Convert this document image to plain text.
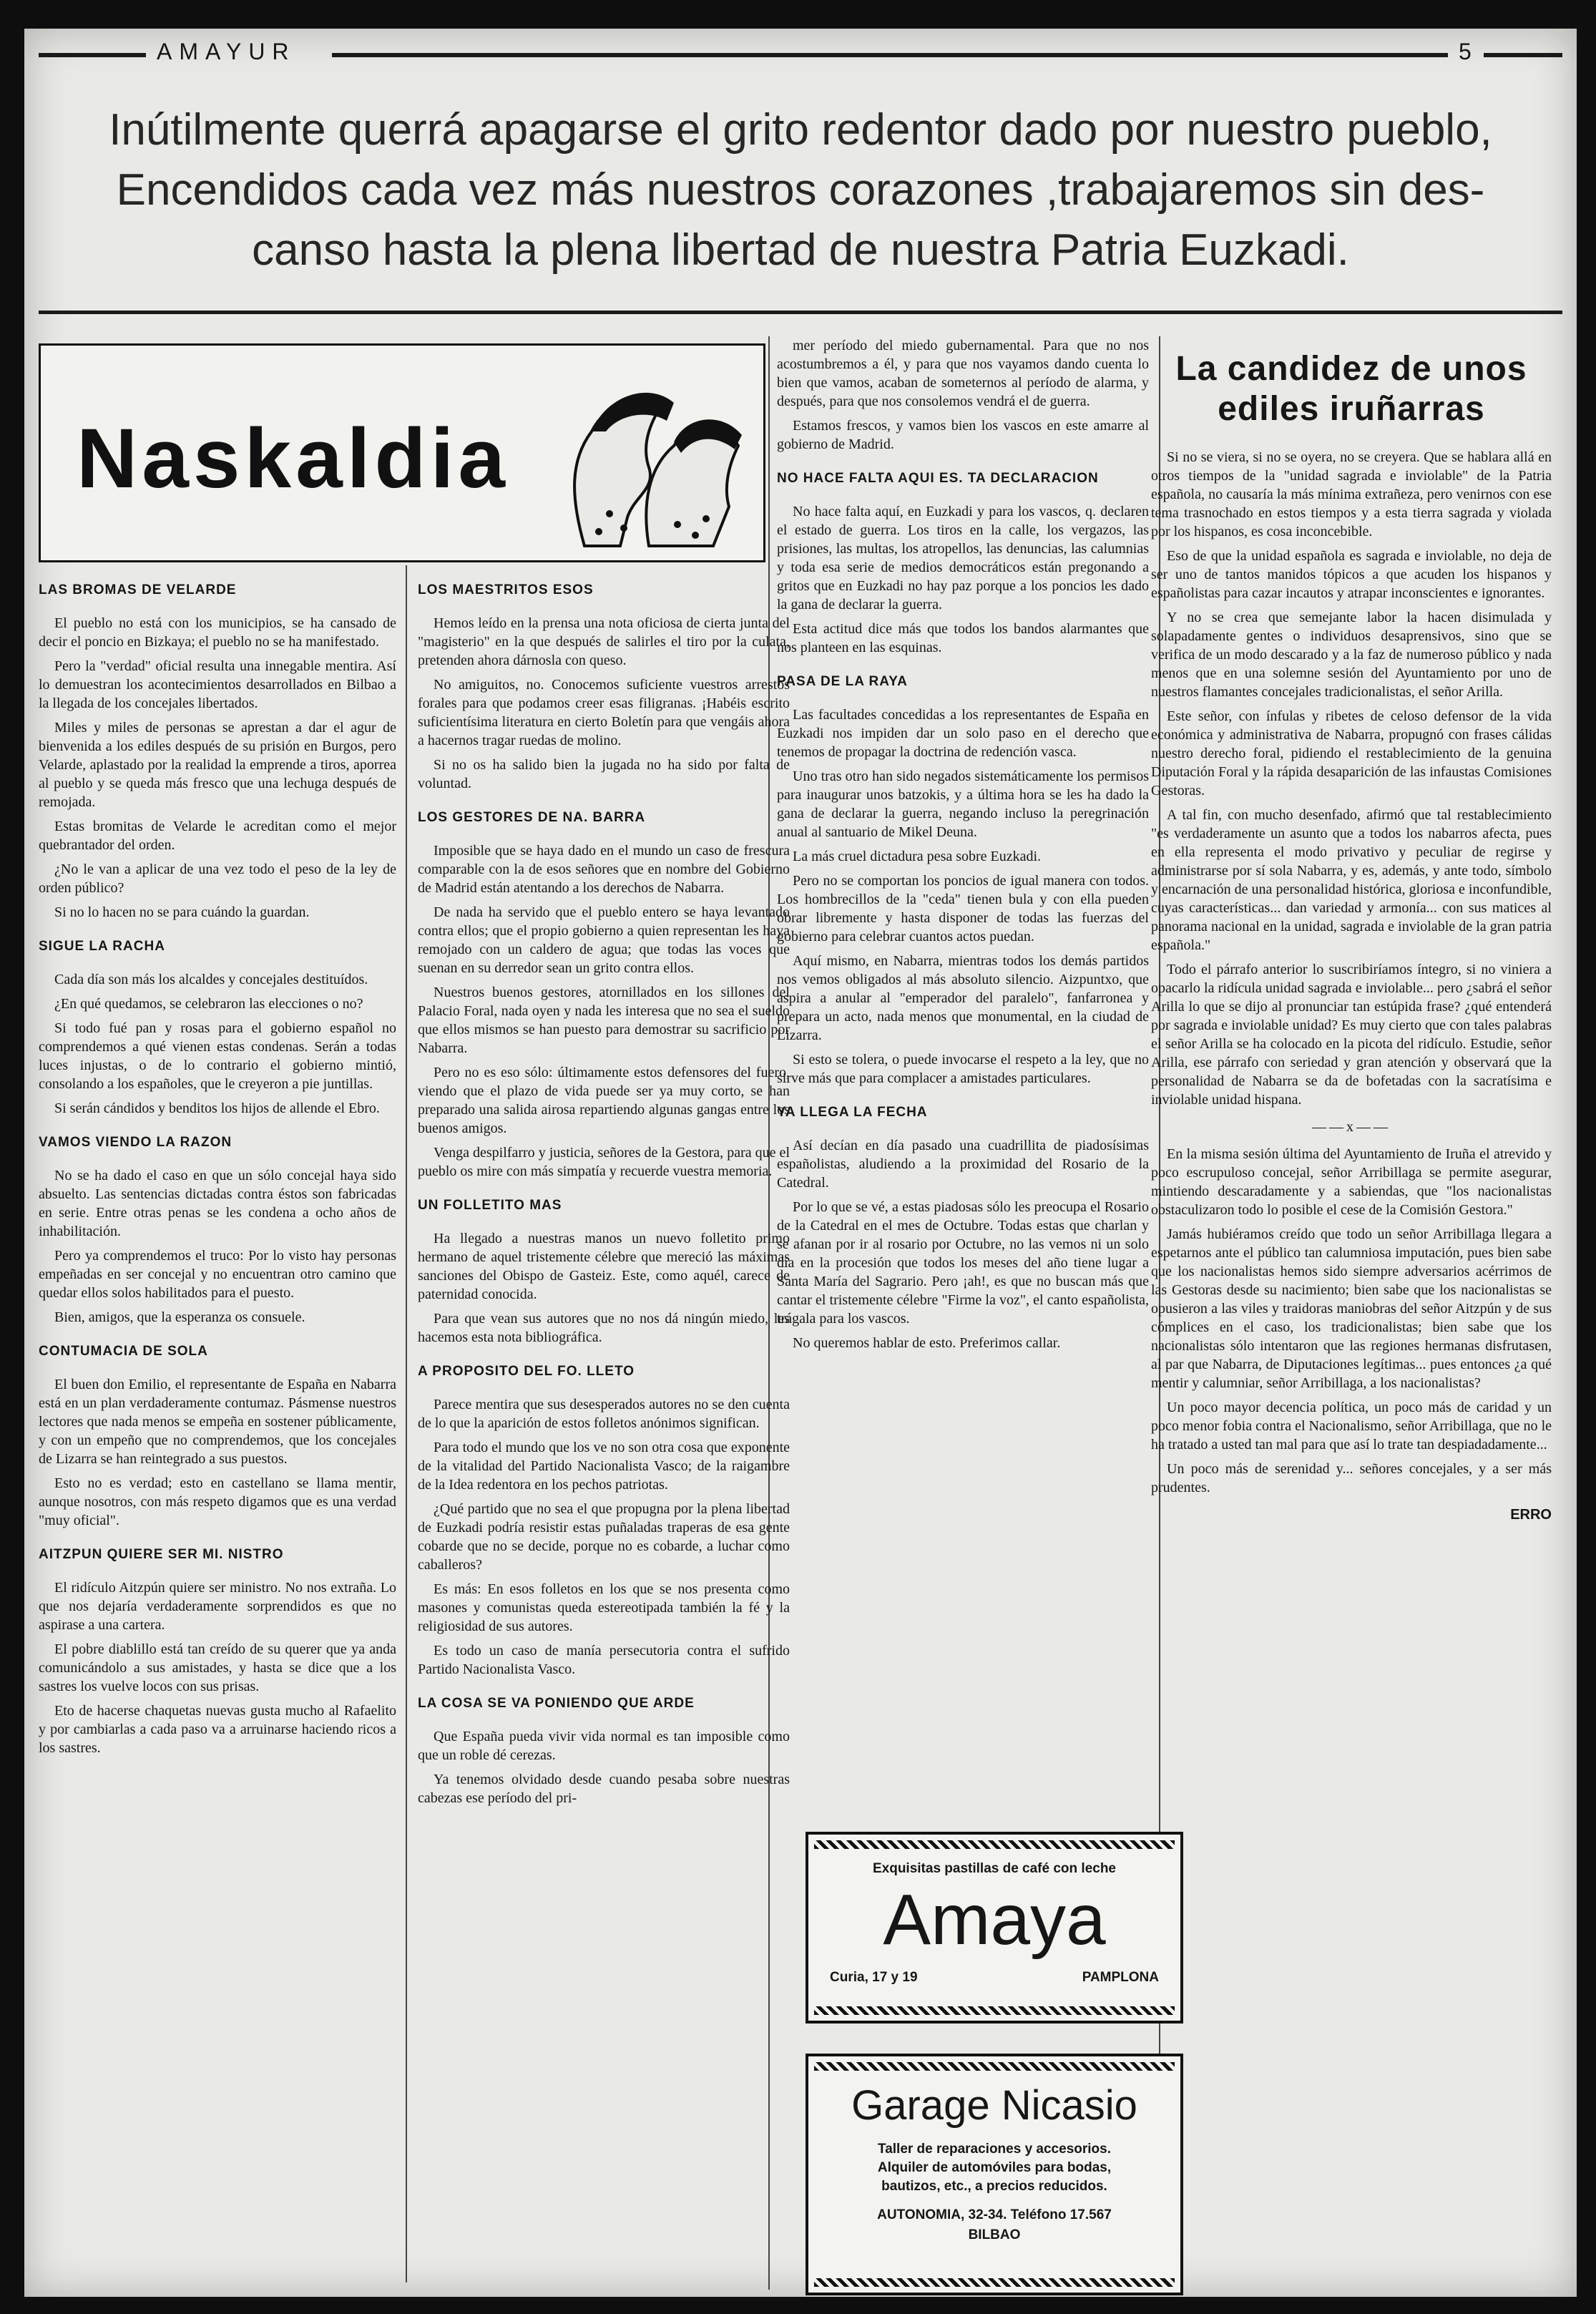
AMAYUR	5
Inútilmente querrá apagarse el grito redentor dado por nuestro pueblo,
Encendidos cada vez más nuestros corazones ,trabajaremos sin des-
canso hasta la plena libertad de nuestra Patria Euzkadi.
Naskaldia
LAS BROMAS DE VELARDE

El pueblo no está con los municipios, se ha cansado de decir el poncio en Bizkaya; el pueblo no se ha manifestado.

Pero la "verdad" oficial resulta una innegable mentira. Así lo demuestran los acontecimientos desarrollados en Bilbao a la llegada de los concejales libertados.

Miles y miles de personas se aprestan a dar el agur de bienvenida a los ediles después de su prisión en Burgos, pero Velarde, aplastado por la realidad la emprende a tiros, aporrea al pueblo y se queda más fresco que una lechuga después de remojada.

Estas bromitas de Velarde le acreditan como el mejor quebrantador del orden.

¿No le van a aplicar de una vez todo el peso de la ley de orden público?

Si no lo hacen no se para cuándo la guardan.

SIGUE LA RACHA

Cada día son más los alcaldes y concejales destituídos.

¿En qué quedamos, se celebraron las elecciones o no?

Si todo fué pan y rosas para el gobierno español no comprendemos a qué vienen estas condenas. Serán a todas luces injustas, o de lo contrario el gobierno mintió, consolando a los españoles, que le creyeron a pie juntillas.

Si serán cándidos y benditos los hijos de allende el Ebro.

VAMOS VIENDO LA RAZON

No se ha dado el caso en que un sólo concejal haya sido absuelto. Las sentencias dictadas contra éstos son fabricadas en serie. Entre otras penas se les condena a ocho años de inhabilitación.

Pero ya comprendemos el truco: Por lo visto hay personas empeñadas en ser concejal y no encuentran otro camino que quedar ellos solos habilitados para el puesto.

Bien, amigos, que la esperanza os consuele.

CONTUMACIA DE SOLA

El buen don Emilio, el representante de España en Nabarra está en un plan verdaderamente contumaz. Pásmense nuestros lectores que nada menos se empeña en sostener públicamente, y con un empeño que no comprendemos, que los concejales de Lizarra se han reintegrado a sus puestos.

Esto no es verdad; esto en castellano se llama mentir, aunque nosotros, con más respeto digamos que es una verdad "muy oficial".

AITZPUN QUIERE SER MI. NISTRO

El ridículo Aitzpún quiere ser ministro. No nos extraña. Lo que nos dejaría verdaderamente sorprendidos es que no aspirase a una cartera.

El pobre diablillo está tan creído de su querer que ya anda comunicándolo a sus amistades, y hasta se dice que a los sastres los vuelve locos con sus prisas.

Eto de hacerse chaquetas nuevas gusta mucho al Rafaelito y por cambiarlas a cada paso va a arruinarse haciendo ricos a los sastres.

LOS MAESTRITOS ESOS

Hemos leído en la prensa una nota oficiosa de cierta junta del "magisterio" en la que después de salirles el tiro por la culata, pretenden ahora dárnosla con queso.

No amiguitos, no. Conocemos suficiente vuestros arrestos forales para que podamos creer esas filigranas. ¡Habéis escrito suficientísima literatura en cierto Boletín para que vengáis ahora a hacernos tragar ruedas de molino.

Si no os ha salido bien la jugada no ha sido por falta de voluntad.

LOS GESTORES DE NA. BARRA

Imposible que se haya dado en el mundo un caso de frescura comparable con la de esos señores que en nombre del Gobierno de Madrid están atentando a los derechos de Nabarra.

De nada ha servido que el pueblo entero se haya levantado contra ellos; que el propio gobierno a quien representan les haya remojado con un caldero de agua; que todas las voces que suenan en su derredor sean un grito contra ellos.

Nuestros buenos gestores, atornillados en los sillones del Palacio Foral, nada oyen y nada les interesa que no sea el sueldo que ellos mismos se han puesto para demostrar su sacrificio por Nabarra.

Pero no es eso sólo: últimamente estos defensores del fuero, viendo que el plazo de vida puede ser ya muy corto, se han preparado una salida airosa repartiendo algunas gangas entre los buenos amigos.

Venga despilfarro y justicia, señores de la Gestora, para que el pueblo os mire con más simpatía y recuerde vuestra memoria.

UN FOLLETITO MAS

Ha llegado a nuestras manos un nuevo folletito primo hermano de aquel tristemente célebre que mereció las máximas sanciones del Obispo de Gasteiz. Este, como aquél, carece de paternidad conocida.

Para que vean sus autores que no nos dá ningún miedo, les hacemos esta nota bibliográfica.

A PROPOSITO DEL FO. LLETO

Parece mentira que sus desesperados autores no se den cuenta de lo que la aparición de estos folletos anónimos significan.

Para todo el mundo que los ve no son otra cosa que exponente de la vitalidad del Partido Nacionalista Vasco; de la raigambre de la Idea redentora en los pechos patriotas.

¿Qué partido que no sea el que propugna por la plena libertad de Euzkadi podría resistir estas puñaladas traperas de esa gente cobarde que no se decide, porque no es cobarde, a luchar como caballeros?

Es más: En esos folletos en los que se nos presenta como masones y comunistas queda estereotipada también la fé y la religiosidad de sus autores.

Es todo un caso de manía persecutoria contra el sufrido Partido Nacionalista Vasco.

LA COSA SE VA PONIENDO QUE ARDE

Que España pueda vivir vida normal es tan imposible como que un roble dé cerezas.

Ya tenemos olvidado desde cuando pesaba sobre nuestras cabezas ese período del pri-

mer período del miedo gubernamental. Para que no nos acostumbremos a él, y para que nos vayamos dando cuenta lo bien que vamos, acaban de someternos al período de alarma, y después, para que nos consolemos vendrá el de guerra.

Estamos frescos, y vamos bien los vascos en este amarre al gobierno de Madrid.

NO HACE FALTA AQUI ES. TA DECLARACION

No hace falta aquí, en Euzkadi y para los vascos, q. declaren el estado de guerra. Los tiros en la calle, los vergazos, las prisiones, las multas, los atropellos, las denuncias, las calumnias y toda esa serie de medios democráticos están pregonando a gritos que en Euzkadi no hay paz porque a los poncios les dado la gana de declarar la guerra.

Esta actitud dice más que todos los bandos alarmantes que nos planteen en las esquinas.

PASA DE LA RAYA

Las facultades concedidas a los representantes de España en Euzkadi nos impiden dar un solo paso en el derecho que tenemos de propagar la doctrina de redención vasca.

Uno tras otro han sido negados sistemáticamente los permisos para inaugurar unos batzokis, y a última hora se les ha dado la gana de declarar la guerra, negando incluso la peregrinación anual al santuario de Mikel Deuna.

La más cruel dictadura pesa sobre Euzkadi.

Pero no se comportan los poncios de igual manera con todos. Los hombrecillos de la "ceda" tienen bula y con ella pueden obrar libremente y hasta disponer de todas las fuerzas del gobierno para celebrar cuantos actos puedan.

Aquí mismo, en Nabarra, mientras todos los demás partidos nos vemos obligados al más absoluto silencio. Aizpuntxo, que aspira a anular al "emperador del paralelo", fanfarronea y prepara un acto, nada menos que monumental, en la ciudad de Lizarra.

Si esto se tolera, o puede invocarse el respeto a la ley, que no sirve más que para complacer a amistades particulares.

YA LLEGA LA FECHA

Así decían en día pasado una cuadrillita de piadosísimas españolistas, aludiendo a la proximidad del Rosario de la Catedral.

Por lo que se vé, a estas piadosas sólo les preocupa el Rosario de la Catedral en el mes de Octubre. Todas estas que charlan y se afanan por ir al rosario por Octubre, no las vemos ni un solo día en la procesión que todos los meses del año tiene lugar a Santa María del Sagrario. Pero ¡ah!, es que no buscan más que cantar el tristemente célebre "Firme la voz", el canto españolista, trágala para los vascos.

No queremos hablar de esto. Preferimos callar.

Exquisitas pastillas de café con leche
Amaya
Curia, 17 y 19	PAMPLONA
Garage Nicasio
Taller de reparaciones y accesorios.
Alquiler de automóviles para bodas,
bautizos, etc., a precios reducidos.
AUTONOMIA, 32-34. Teléfono 17.567
BILBAO
La candidez de unos ediles iruñarras

Si no se viera, si no se oyera, no se creyera. Que se hablara allá en otros tiempos de la "unidad sagrada e inviolable" de la Patria española, no causaría la más mínima extrañeza, pero venirnos con ese tema trasnochado en estos tiempos y a esta tierra sagrada y violada por los hispanos, es cosa inconcebible.

Eso de que la unidad española es sagrada e inviolable, no deja de ser uno de tantos manidos tópicos a que acuden los hispanos y españolistas para cazar incautos y atrapar inconscientes e ignorantes.

Y no se crea que semejante labor la hacen disimulada y solapadamente gentes o individuos desaprensivos, sino que se verifica de un modo descarado y a la faz de numeroso público y nada menos que en una solemne sesión del Ayuntamiento por uno de nuestros flamantes concejales tradicionalistas, el señor Arilla.

Este señor, con ínfulas y ribetes de celoso defensor de la vida económica y administrativa de Nabarra, propugnó con frases cálidas nuestro derecho foral, pidiendo el restablecimiento de la genuina Diputación Foral y la rápida desaparición de las infaustas Comisiones Gestoras.

A tal fin, con mucho desenfado, afirmó que tal restablecimiento "es verdaderamente un asunto que a todos los nabarros afecta, pues en ella representa el modo privativo y peculiar de regirse y administrarse por sí sola Nabarra, y es, además, y ante todo, símbolo y encarnación de una personalidad histórica, gloriosa e inconfundible, cuyas características... dan variedad y armonía... con sus matices al panorama nacional en la unidad, sagrada e inviolable de la gran patria española."

Todo el párrafo anterior lo suscribiríamos íntegro, si no viniera a opacarlo la ridícula unidad sagrada e inviolable... pero ¿sabrá el señor Arilla lo que se dijo al pronunciar tan estúpida frase? ¿qué entenderá por sagrada e inviolable unidad? Es muy cierto que con tales palabras el señor Arilla se ha colocado en la picota del ridículo. Estudie, señor Arilla, ese párrafo con seriedad y gran atención y observará que la personalidad de Nabarra se da de bofetadas con la sacratísima e inviolable unidad hispana.

——x——

En la misma sesión última del Ayuntamiento de Iruña el atrevido y poco escrupuloso concejal, señor Arribillaga se permite asegurar, mintiendo descaradamente y a sabiendas, que "los nacionalistas obstaculizaron todo lo posible el cese de la Comisión Gestora."

Jamás hubiéramos creído que todo un señor Arribillaga llegara a espetarnos ante el público tan calumniosa imputación, pues bien sabe que los nacionalistas hemos sido siempre adversarios acérrimos de las Gestoras desde su nacimiento; bien sabe que los nacionalistas se opusieron a las viles y traidoras maniobras del señor Aitzpún y de sus cómplices en el caso, los tradicionalistas; bien sabe que los nacionalistas sólo intentaron que las regiones hermanas disfrutasen, al par que Nabarra, de Diputaciones legítimas... pues entonces ¿a qué mentir y calumniar, señor Arribillaga, a los nacionalistas?

Un poco mayor decencia política, un poco más de caridad y un poco menor fobia contra el Nacionalismo, señor Arribillaga, que no le ha tratado a usted tan mal para que así lo trate tan despiadadamente...

Un poco más de serenidad y... señores concejales, y a ser más prudentes.

ERRO
